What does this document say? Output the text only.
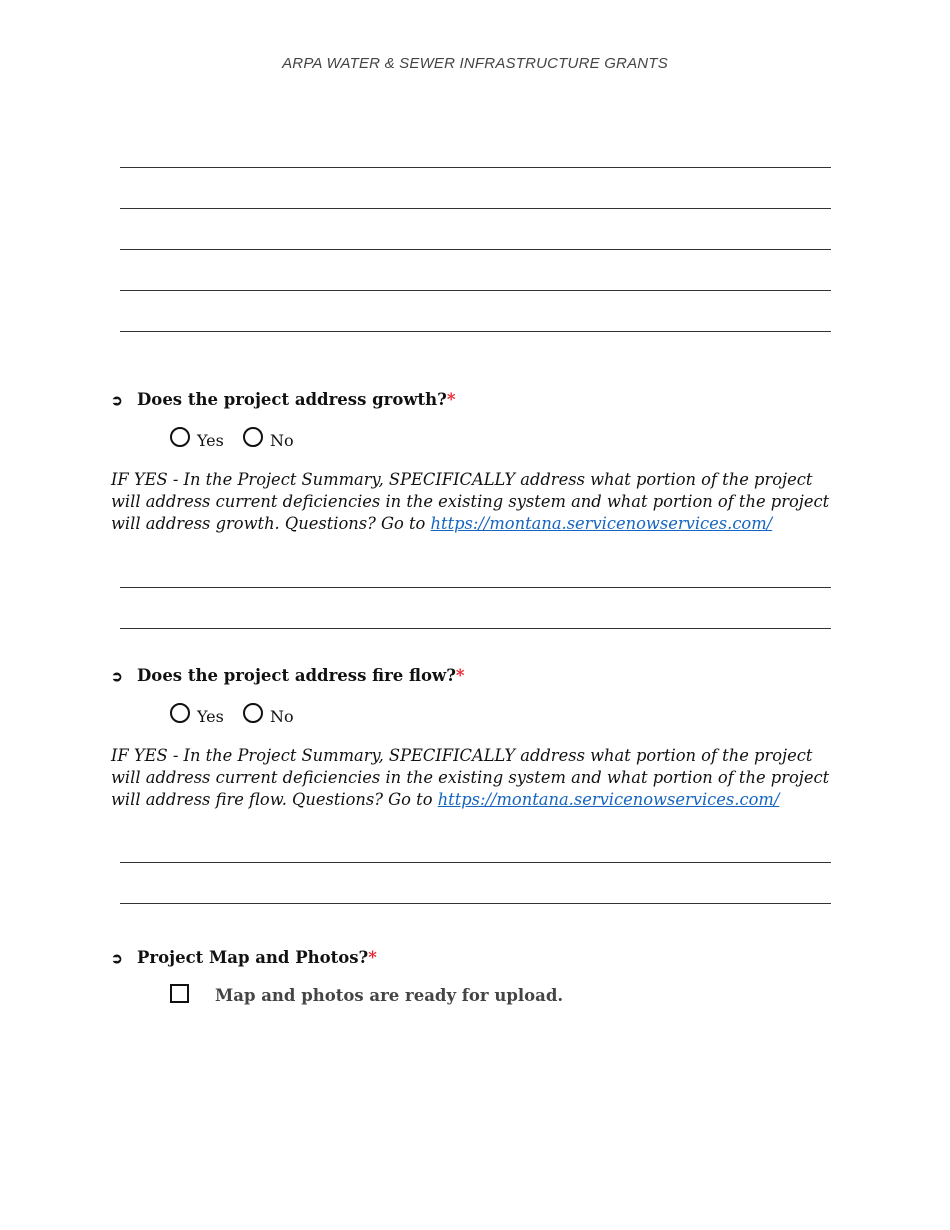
ARPA WATER & SEWER INFRASTRUCTURE GRANTS
➲ Does the project address growth?*
Yes
	No
IF YES - In the Project Summary, SPECIFICALLY address what portion of the project will address current deficiencies in the existing system and what portion of the project will address growth. Questions? Go to https://montana.servicenowservices.com/
➲ Does the project address fire flow?*
Yes
	No
IF YES - In the Project Summary, SPECIFICALLY address what portion of the project will address current deficiencies in the existing system and what portion of the project will address fire flow. Questions? Go to https://montana.servicenowservices.com/
➲ Project Map and Photos?*
Map and photos are ready for upload.
